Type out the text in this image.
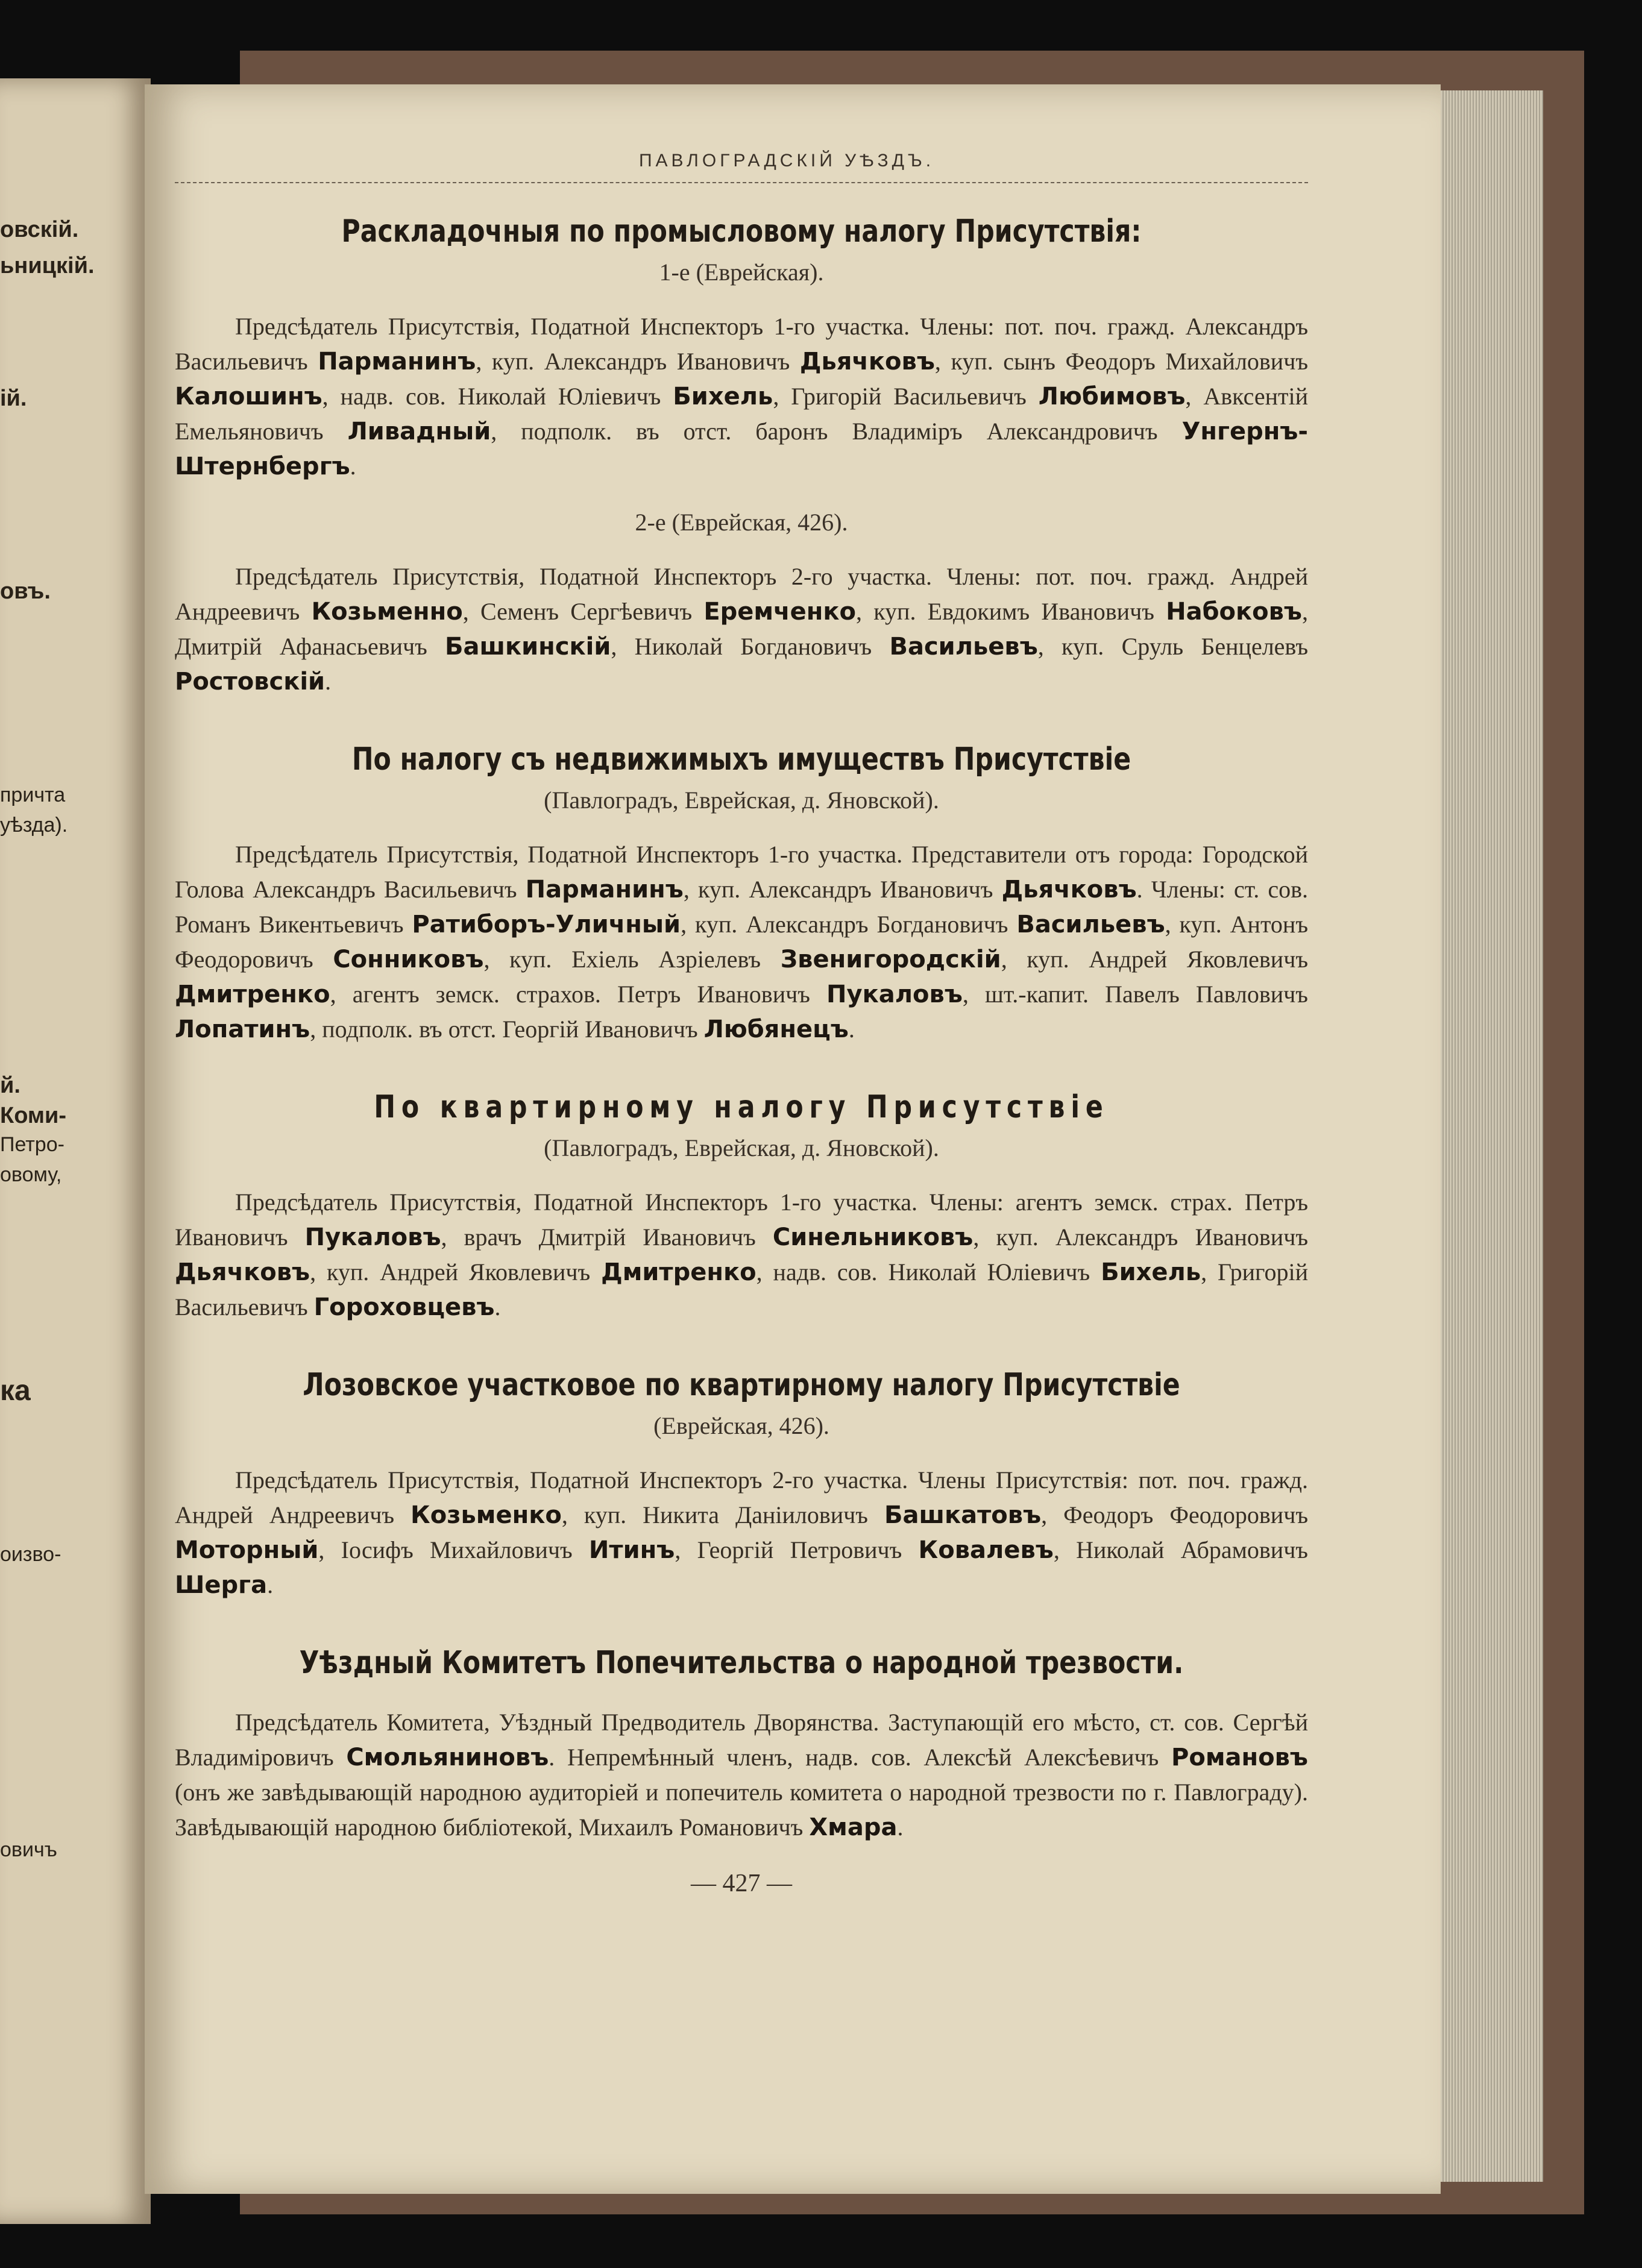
овскій.
ьницкій.
ій.
овъ.
причта
уѣзда).
й.
Коми-
Петро-
овому,
ка
оизво-
овичъ
ПАВЛОГРАДСКІЙ УѢЗДЪ.
Раскладочныя по промысловому налогу Присутствія:
1-е (Еврейская).

Предсѣдатель Присутствія, Податной Инспекторъ 1-го участка. Члены: пот. поч. гражд. Александръ Васильевичъ Парманинъ, куп. Александръ Ивановичъ Дьячковъ, куп. сынъ Феодоръ Михайловичъ Калошинъ, надв. сов. Николай Юліевичъ Бихель, Григорій Васильевичъ Любимовъ, Авксентій Емельяновичъ Ливадный, подполк. въ отст. баронъ Владиміръ Александровичъ Унгернъ-Штернбергъ.

2-е (Еврейская, 426).

Предсѣдатель Присутствія, Податной Инспекторъ 2-го участка. Члены: пот. поч. гражд. Андрей Андреевичъ Козьменно, Семенъ Сергѣевичъ Еремченко, куп. Евдокимъ Ивановичъ Набоковъ, Дмитрій Афанасьевичъ Башкинскій, Николай Богдановичъ Васильевъ, куп. Сруль Бенцелевъ Ростовскій.

По налогу съ недвижимыхъ имуществъ Присутствіе
(Павлоградъ, Еврейская, д. Яновской).

Предсѣдатель Присутствія, Податной Инспекторъ 1-го участка. Представители отъ города: Городской Голова Александръ Васильевичъ Парманинъ, куп. Александръ Ивановичъ Дьячковъ. Члены: ст. сов. Романъ Викентьевичъ Ратиборъ-Уличный, куп. Александръ Богдановичъ Васильевъ, куп. Антонъ Феодоровичъ Сонниковъ, куп. Ехіель Азріелевъ Звенигородскій, куп. Андрей Яковлевичъ Дмитренко, агентъ земск. страхов. Петръ Ивановичъ Пукаловъ, шт.-капит. Павелъ Павловичъ Лопатинъ, подполк. въ отст. Георгій Ивановичъ Любянецъ.

По квартирному налогу Присутствіе
(Павлоградъ, Еврейская, д. Яновской).

Предсѣдатель Присутствія, Податной Инспекторъ 1-го участка. Члены: агентъ земск. страх. Петръ Ивановичъ Пукаловъ, врачъ Дмитрій Ивановичъ Синельниковъ, куп. Александръ Ивановичъ Дьячковъ, куп. Андрей Яковлевичъ Дмитренко, надв. сов. Николай Юліевичъ Бихель, Григорій Васильевичъ Гороховцевъ.

Лозовское участковое по квартирному налогу Присутствіе
(Еврейская, 426).

Предсѣдатель Присутствія, Податной Инспекторъ 2-го участка. Члены Присутствія: пот. поч. гражд. Андрей Андреевичъ Козьменко, куп. Никита Даніиловичъ Башкатовъ, Феодоръ Феодоровичъ Моторный, Іосифъ Михайловичъ Итинъ, Георгій Петровичъ Ковалевъ, Николай Абрамовичъ Шерга.

Уѣздный Комитетъ Попечительства о народной трезвости.

Предсѣдатель Комитета, Уѣздный Предводитель Дворянства. Заступающій его мѣсто, ст. сов. Сергѣй Владиміровичъ Смольяниновъ. Непремѣнный членъ, надв. сов. Алексѣй Алексѣевичъ Романовъ (онъ же завѣдывающій народною аудиторіей и попечитель комитета о народной трезвости по г. Павлограду). Завѣдывающій народною библіотекой, Михаилъ Романовичъ Хмара.

— 427 —
